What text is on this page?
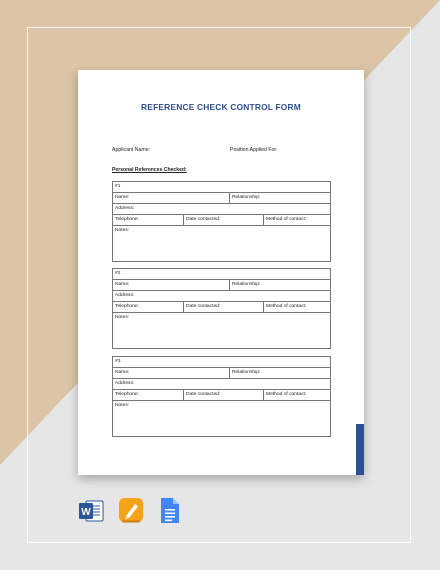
REFERENCE CHECK CONTROL FORM
Applicant Name:	Position Applied For:
Personal References Checked:
#1
Name:	Relationship:
Address:
Telephone:	Date contacted:	Method of contact:
Notes:
#2
Name:	Relationship:
Address:
Telephone:	Date contacted:	Method of contact:
Notes:
#3
Name:	Relationship:
Address:
Telephone:	Date contacted:	Method of contact:
Notes:
W
